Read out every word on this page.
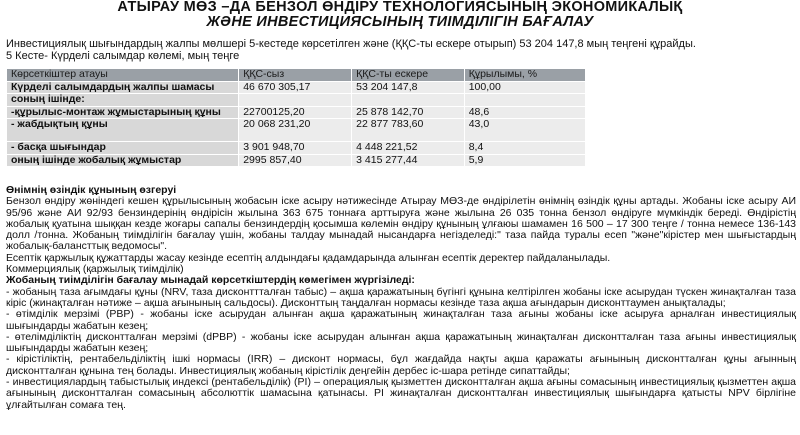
АТЫРАУ МӨЗ –ДА БЕНЗОЛ ӨНДІРУ ТЕХНОЛОГИЯСЫНЫҢ ЭКОНОМИКАЛЫҚ
ЖӘНЕ ИНВЕСТИЦИЯСЫНЫҢ ТИІМДІЛІГІН БАҒАЛАУ
Инвестициялық шығындардың жалпы мөлшері 5-кестеде көрсетілген және (ҚҚС-ты ескере отырып) 53 204 147,8 мың теңгені құрайды.
5 Кесте- Күрделі салымдар көлемі, мың теңге
Көрсеткіштер атауы	ҚҚС-сыз	ҚҚС-ты ескере	Құрылымы, %
Күрделі салымдардың жалпы шамасы	46 670 305,17	53 204 147,8	100,00
соның ішінде:			
-құрылыс-монтаж жұмыстарының құны	22700125,20	25 878 142,70	48,6
- жабдықтың құны	20 068 231,20	22 877 783,60	43,0
- басқа шығындар	3 901 948,70	4 448 221,52	8,4
оның ішінде жобалық жұмыстар	2995 857,40	3 415 277,44	5,9

Өнімнің өзіндік құнының өзгеруі

Бензол өндіру жөніндегі кешен құрылысының жобасын іске асыру нәтижесінде Атырау МӨЗ-де өндірілетін өнімнің өзіндік құны артады. Жобаны іске асыру АИ 95/96 және АИ 92/93 бензиндерінің өндірісін жылына 363 675 тоннаға арттыруға және жылына 26 035 тонна бензол өндіруге мүмкіндік береді. Өндірістің жобалық қуатына шыққан кезде жоғары сапалы бензиндердің қосымша көлемін өндіру құнының ұлғаюы шамамен 16 500 – 17 300 теңге / тонна немесе 136-143 долл /тонна. Жобаның тиімділігін бағалау үшін, жобаны талдау мынадай нысандарға негізделеді:" таза пайда туралы есеп "және"кірістер мен шығыстардың жобалық-балансттық ведомосы".

Есептік қаржылық құжаттарды жасау кезінде есептің алдындағы қадамдарында алынған есептік деректер пайдаланылады.

Коммерциялық (қаржылық тиімділік)

Жобаның тиімділігін бағалау мынадай көрсеткіштердің көмегімен жүргізіледі:

- жобаның таза ағымдағы құны (NRV, таза дисконттталған табыс) – ақша қаражатының бүгінгі құнына келтірілген жобаны іске асырудан түскен жинақталған таза кіріс (жинақталған нәтиже – ақша ағынының сальдосы). Дисконттың таңдалған нормасы кезінде таза ақша ағындарын дисконттаумен анықталады;

- өтімділік мерзімі (PBP) - жобаны іске асырудан алынған ақша қаражатының жинақталған таза ағыны жобаны іске асыруға арналған инвестициялық шығындарды жабатын кезең;

- өтелімділіктің дисконтталған мерзімі (dPBP) - жобаны іске асырудан алынған ақша қаражатының жинақталған дисконтталған таза ағыны инвестициялық шығындарды жабатын кезең;

- кірістіліктің, рентабельділіктің ішкі нормасы (IRR) – дисконт нормасы, бұл жағдайда нақты ақша қаражаты ағынының дисконтталған құны ағынның дисконтталған құнына тең болады. Инвестициялық жобаның кірістілік деңгейін дербес іс-шара ретінде сипаттайды;

- инвестициялардың табыстылық индексі (рентабельділік) (PI) – операциялық қызметтен дисконтталған ақша ағыны сомасының инвестициялық қызметтен ақша ағынының дисконтталған сомасының абсолюттік шамасына қатынасы. PI жинақталған дисконтталған инвестициялық шығындарға қатысты NPV бірлігіне ұлғайтылған сомаға тең.
